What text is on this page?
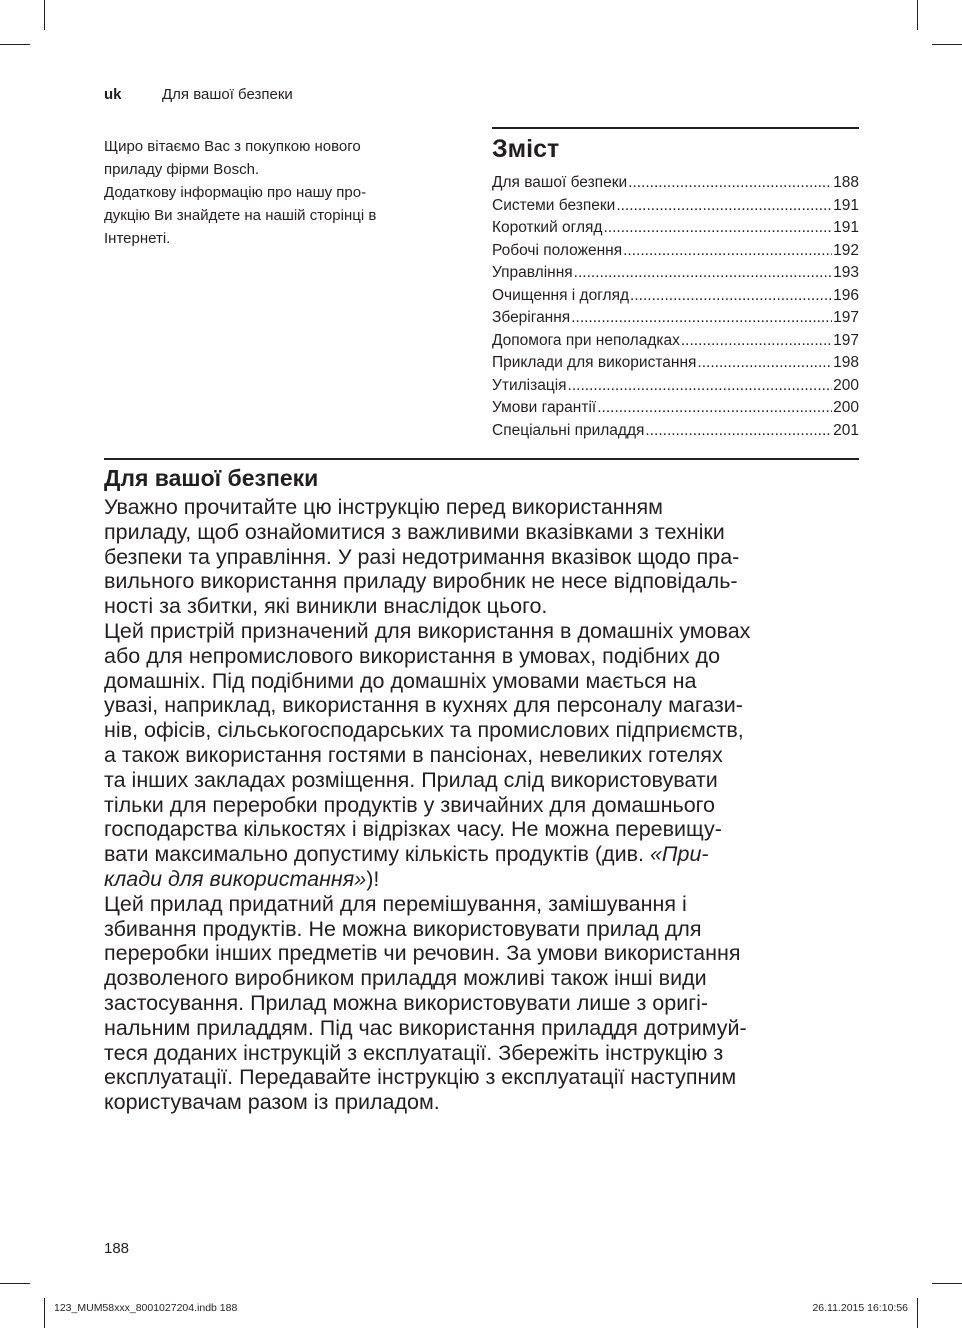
uk	Для вашої безпеки

Щиро вітаємо Вас з покупкою нового

приладу фірми Bosch.

Додаткову інформацію про нашу про-

дукцію Ви знайдете на нашій сторінці в

Інтернеті.

Зміст
Для вашої безпеки .....	188
Системи безпеки .....	191
Короткий огляд .....	191
Робочі положення .....	192
Управління .....	193
Очищення і догляд .....	196
Зберігання .....	197
Допомога при неполадках .....	197
Приклади для використання .....	198
Утилізація .....	200
Умови гарантії .....	200
Спеціальні приладдя .....	201
Для вашої безпеки

Уважно прочитайте цю інструкцію перед використанням

приладу, щоб ознайомитися з важливими вказівками з техніки

безпеки та управління. У разі недотримання вказівок щодо пра-

вильного використання приладу виробник не несе відповідаль-

ності за збитки, які виникли внаслідок цього.

Цей пристрій призначений для використання в домашніх умовах

або для непромислового використання в умовах, подібних до

домашніх. Під подібними до домашніх умовами мається на

увазі, наприклад, використання в кухнях для персоналу магази-

нів, офісів, сільськогосподарських та промислових підприємств,

а також використання гостями в пансіонах, невеликих готелях

та інших закладах розміщення. Прилад слід використовувати

тільки для переробки продуктів у звичайних для домашнього

господарства кількостях і відрізках часу. Не можна перевищу-

вати максимально допустиму кількість продуктів (див. «При-

клади для використання»)!

Цей прилад придатний для перемішування, замішування і

збивання продуктів. Не можна використовувати прилад для

переробки інших предметів чи речовин. За умови використання

дозволеного виробником приладдя можливі також інші види

застосування. Прилад можна використовувати лише з оригі-

нальним приладдям. Під час використання приладдя дотримуй-

теся доданих інструкцій з експлуатації. Збережіть інструкцію з

експлуатації. Передавайте інструкцію з експлуатації наступним

користувачам разом із приладом.

188
123_MUM58xxx_8001027204.indb 188	26.11.2015 16:10:56
